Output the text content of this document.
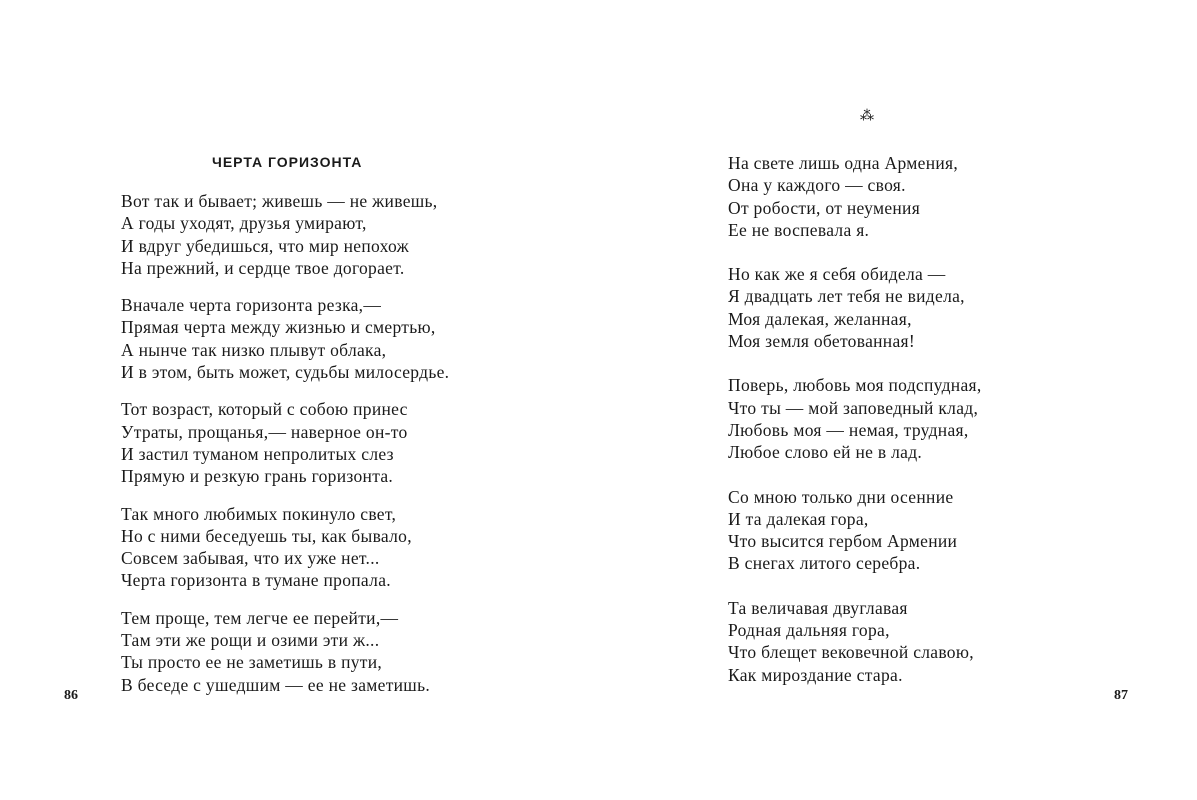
ЧЕРТА ГОРИЗОНТА

Вот так и бывает; живешь — не живешь,
А годы уходят, друзья умирают,
И вдруг убедишься, что мир непохож
На прежний, и сердце твое догорает.

Вначале черта горизонта резка,—
Прямая черта между жизнью и смертью,
А нынче так низко плывут облака,
И в этом, быть может, судьбы милосердье.

Тот возраст, который с собою принес
Утраты, прощанья,— наверное он-то
И застил туманом непролитых слез
Прямую и резкую грань горизонта.

Так много любимых покинуло свет,
Но с ними беседуешь ты, как бывало,
Совсем забывая, что их уже нет...
Черта горизонта в тумане пропала.

Тем проще, тем легче ее перейти,—
Там эти же рощи и озими эти ж...
Ты просто ее не заметишь в пути,
В беседе с ушедшим — ее не заметишь.

86
⁂

На свете лишь одна Армения,
Она у каждого — своя.
От робости, от неумения
Ее не воспевала я.

Но как же я себя обидела —
Я двадцать лет тебя не видела,
Моя далекая, желанная,
Моя земля обетованная!

Поверь, любовь моя подспудная,
Что ты — мой заповедный клад,
Любовь моя — немая, трудная,
Любое слово ей не в лад.

Со мною только дни осенние
И та далекая гора,
Что высится гербом Армении
В снегах литого серебра.

Та величавая двуглавая
Родная дальняя гора,
Что блещет вековечной славою,
Как мироздание стара.

87
